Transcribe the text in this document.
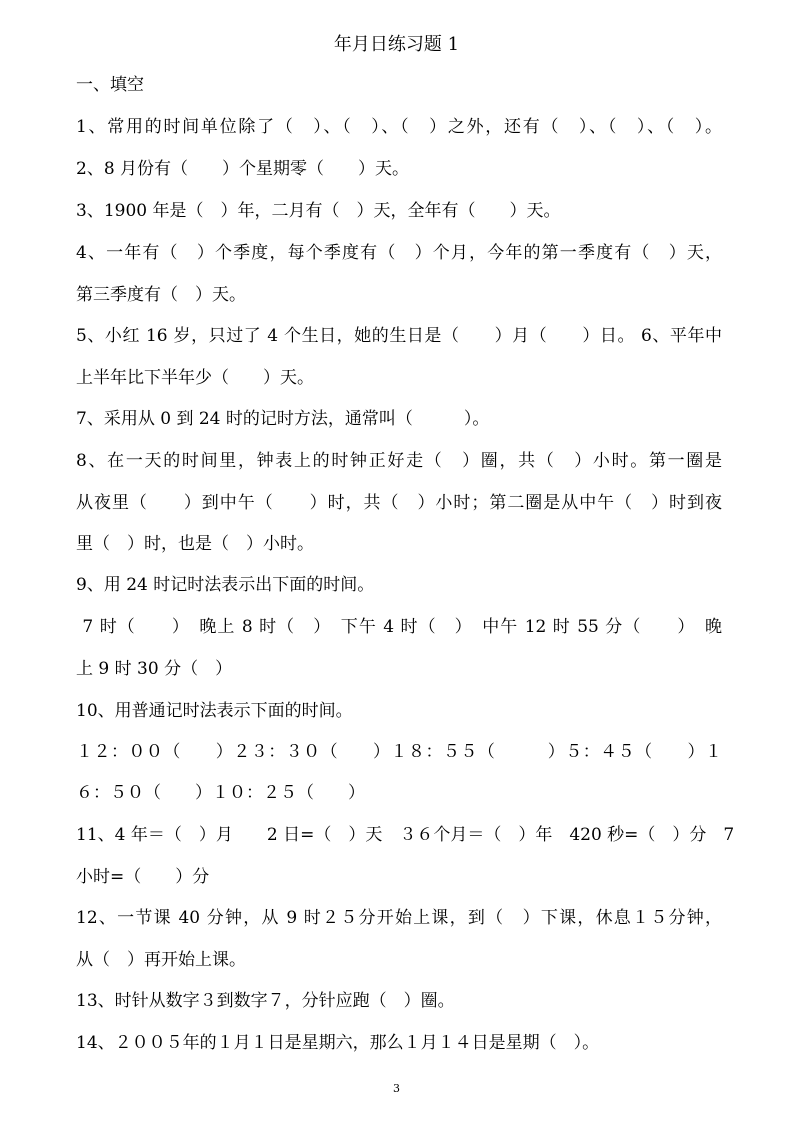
年月日练习题 1
一、填空
1、常用的时间单位除了（　）、（　）、（　）之外，还有（　）、（　）、（　）。
2、8 月份有（　　）个星期零（　　）天。
3、1900 年是（　）年，二月有（　）天，全年有（　　）天。
4、一年有（　）个季度，每个季度有（　）个月，今年的第一季度有（　）天，
第三季度有（　）天。
5、小红 16 岁，只过了 4 个生日，她的生日是（　　）月（　　）日。 6、平年中
上半年比下半年少（　　）天。
7、采用从 0 到 24 时的记时方法，通常叫（　　　）。
8、在一天的时间里，钟表上的时钟正好走（　）圈，共（　）小时。第一圈是
从夜里（　　）到中午（　　）时，共（　）小时；第二圈是从中午（　）时到夜
里（　）时，也是（　）小时。
9、用 24 时记时法表示出下面的时间。
7 时（　　）　晚上 8 时（　）　下午 4 时（　）　中午 12 时 55 分（　　）　晚
上 9 时 30 分（　）
10、用普通记时法表示下面的时间。
１２：００（　　）２３：３０（　　）１８：５５（　　　）５：４５（　　）１
６：５０（　　）１０：２５（　　）
11、4 年＝（　）月　　2 日=（　）天　３６个月＝（　）年　420 秒=（　）分　7
小时=（　　）分
12、一节课 40 分钟，从 9 时２５分开始上课，到（　）下课，休息１５分钟，
从（　）再开始上课。
13、时针从数字３到数字７，分针应跑（　）圈。
14、２００５年的１月１日是星期六，那么１月１４日是星期（　）。
3
